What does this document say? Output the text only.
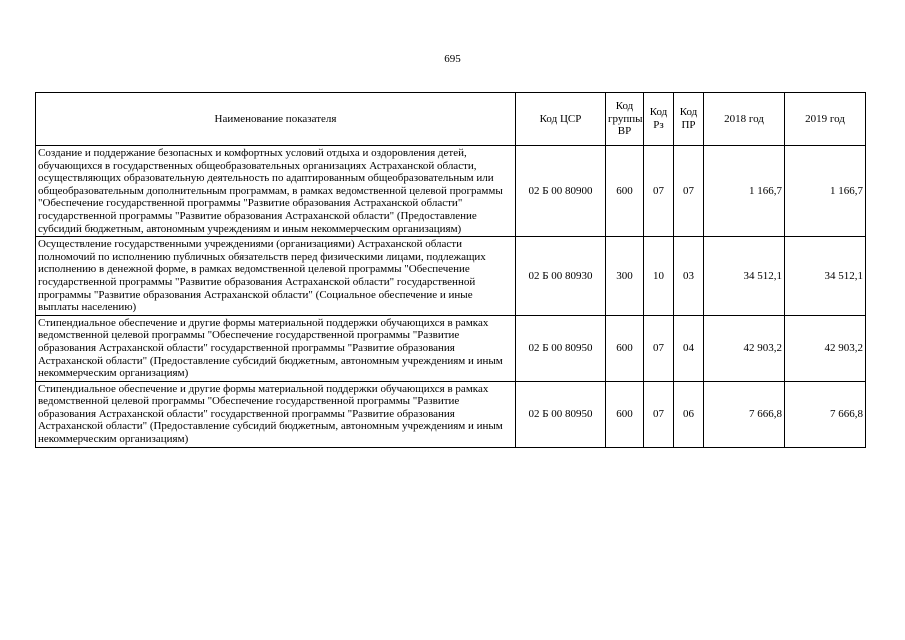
695
Наименование показателя	Код ЦСР	Код группы ВР	Код Рз	Код ПР	2018 год	2019 год
Создание и поддержание безопасных и комфортных условий отдыха и оздоровления детей, обучающихся в государственных общеобразовательных организациях Астраханской области, осуществляющих образовательную деятельность по адаптированным общеобразовательным или общеобразовательным дополнительным программам, в рамках ведомственной целевой программы "Обеспечение государственной программы "Развитие образования Астраханской области" государственной программы "Развитие образования Астраханской области" (Предоставление субсидий бюджетным, автономным учреждениям и иным некоммерческим организациям)	02 Б 00 80900	600	07	07	1 166,7	1 166,7
Осуществление государственными учреждениями (организациями) Астраханской области полномочий по исполнению публичных обязательств перед физическими лицами, подлежащих исполнению в денежной форме, в рамках ведомственной целевой программы "Обеспечение государственной программы "Развитие образования Астраханской области" государственной программы "Развитие образования Астраханской области" (Социальное обеспечение и иные выплаты населению)	02 Б 00 80930	300	10	03	34 512,1	34 512,1
Стипендиальное обеспечение и другие формы материальной поддержки обучающихся в рамках ведомственной целевой программы "Обеспечение государственной программы "Развитие образования Астраханской области" государственной программы "Развитие образования Астраханской области" (Предоставление субсидий бюджетным, автономным учреждениям и иным некоммерческим организациям)	02 Б 00 80950	600	07	04	42 903,2	42 903,2
Стипендиальное обеспечение и другие формы материальной поддержки обучающихся в рамках ведомственной целевой программы "Обеспечение государственной программы "Развитие образования Астраханской области" государственной программы "Развитие образования Астраханской области" (Предоставление субсидий бюджетным, автономным учреждениям и иным некоммерческим организациям)	02 Б 00 80950	600	07	06	7 666,8	7 666,8
